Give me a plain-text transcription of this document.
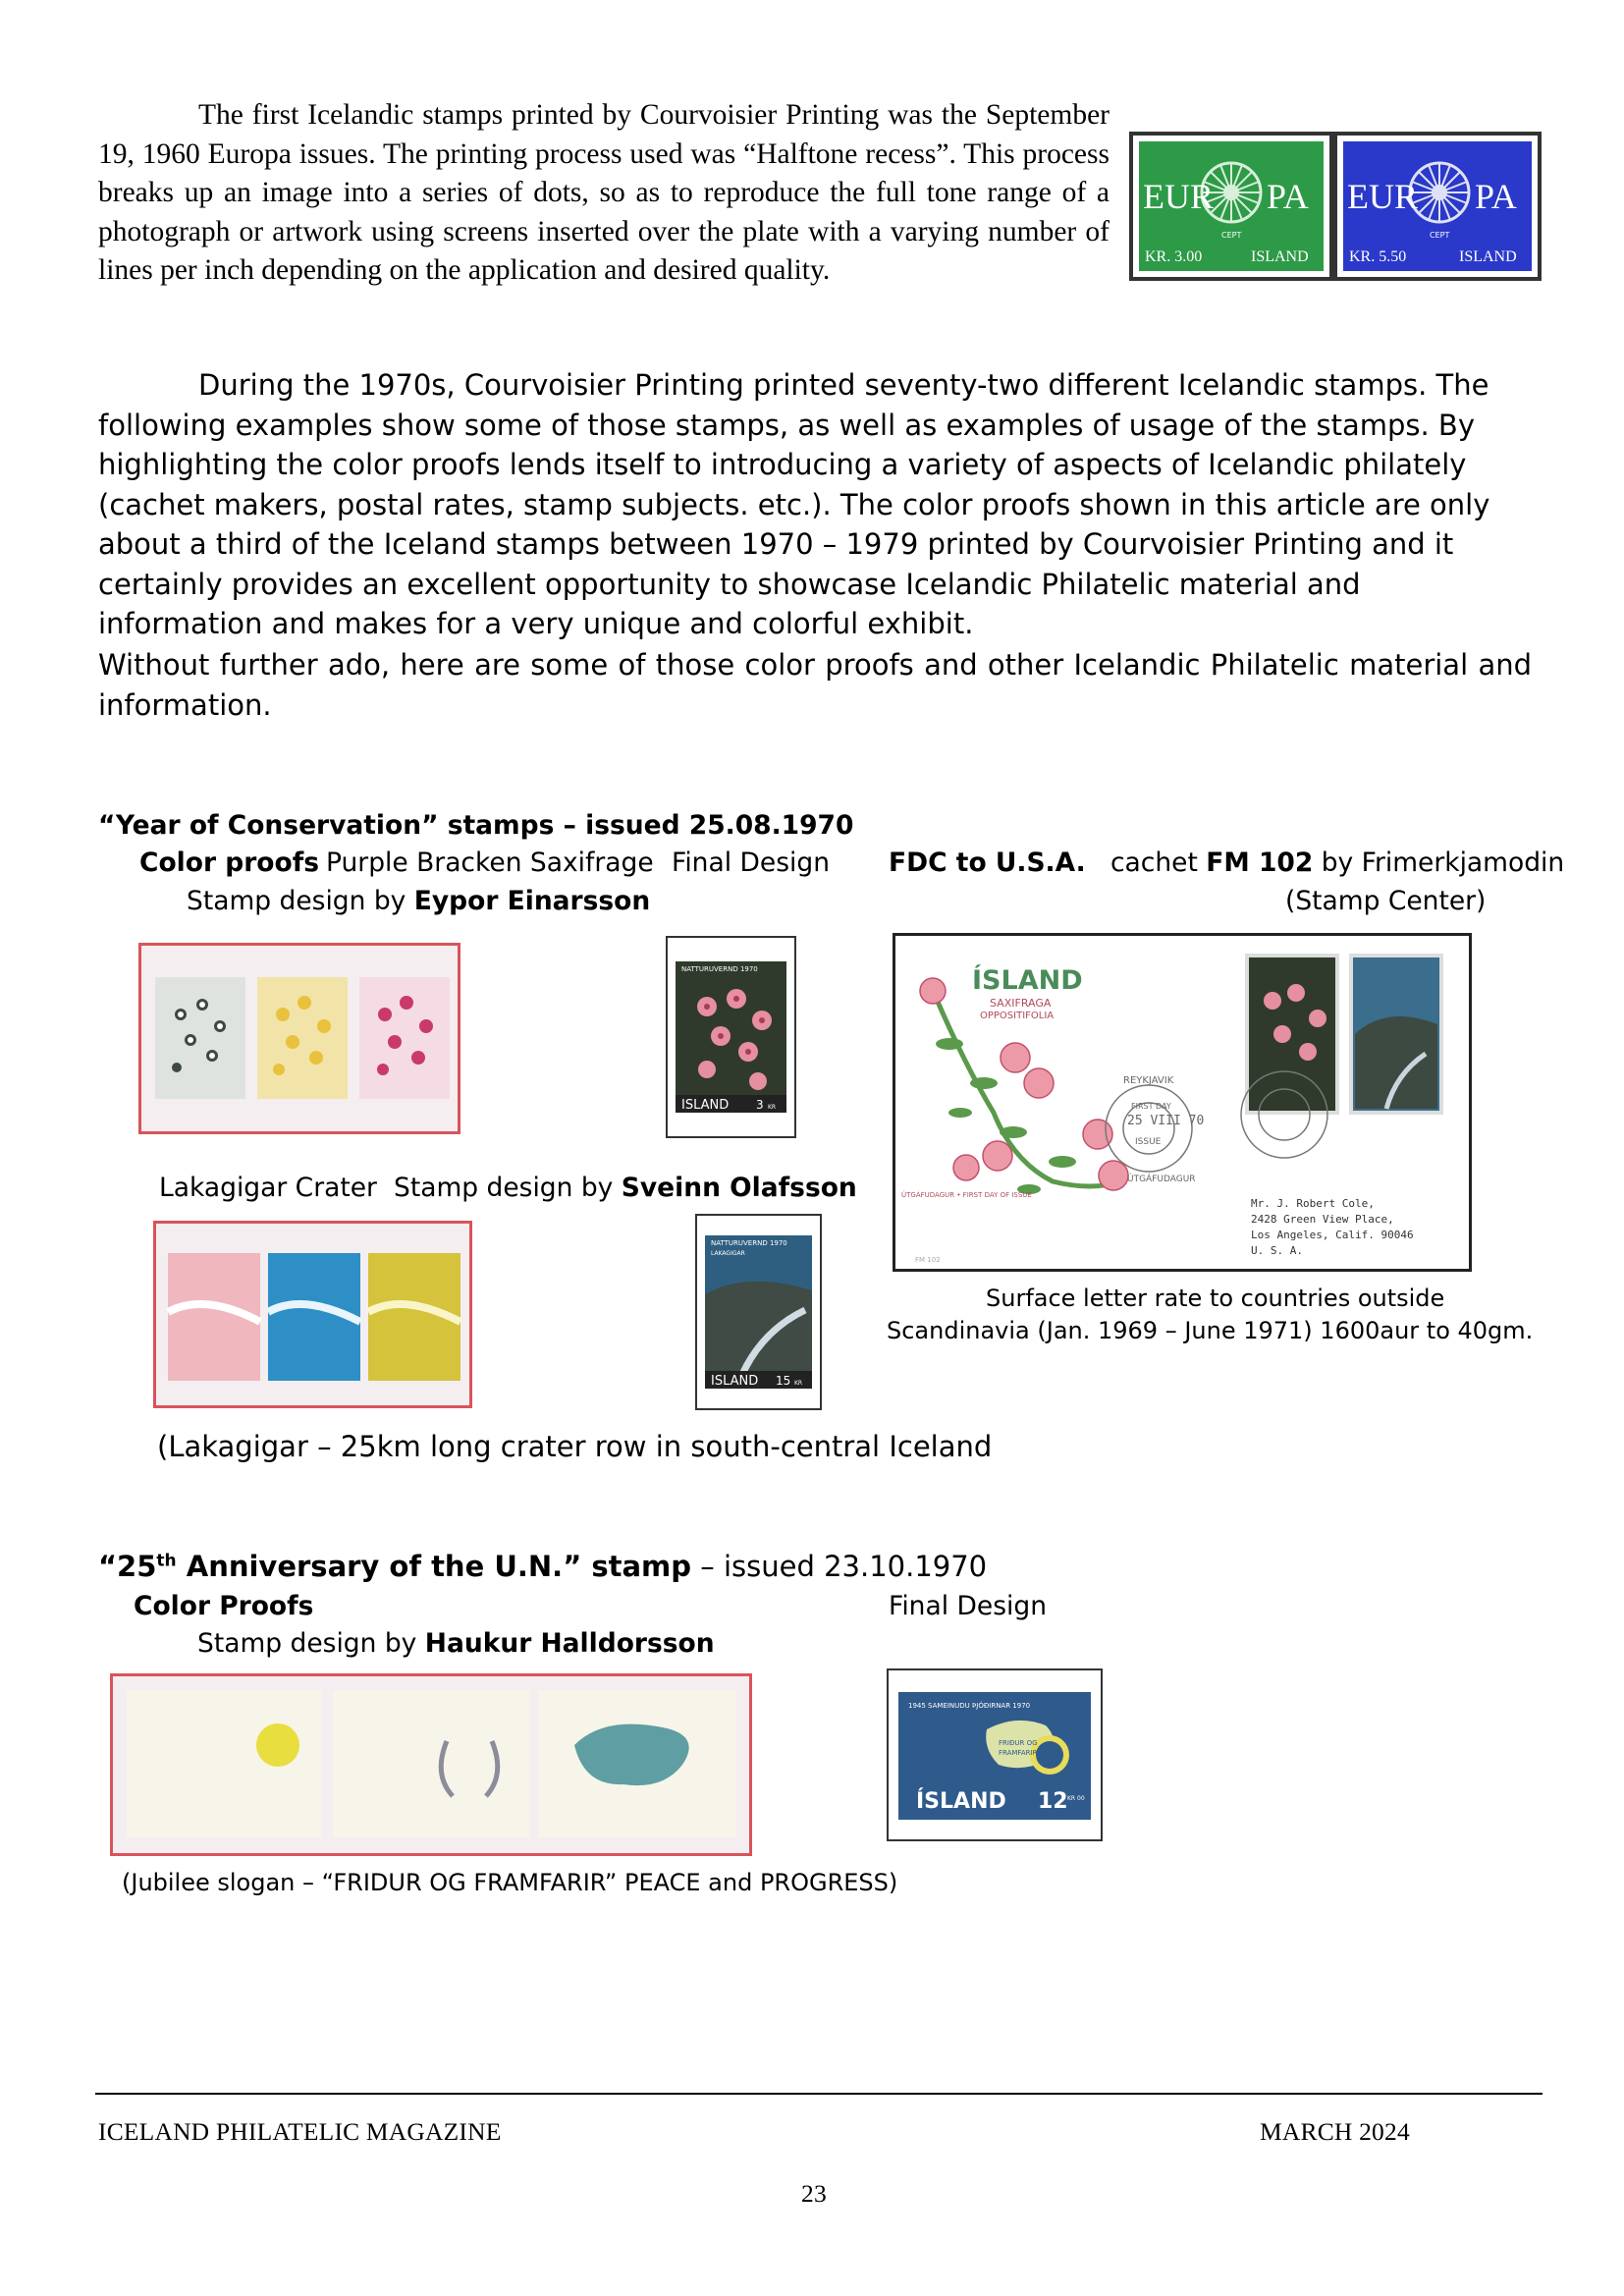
The first Icelandic stamps printed by Courvoisier Printing was the September 19, 1960 Europa issues. The printing process used was “Halftone recess”. This process breaks up an image into a series of dots, so as to reproduce the full tone range of a photograph or artwork using screens inserted over the plate with a varying number of lines per inch depending on the application and desired quality.
EUR PA
CEPT
KR. 3.00	ISLAND
EUR PA
CEPT
KR. 5.50	ISLAND
During the 1970s, Courvoisier Printing printed seventy-two different Icelandic stamps. The following examples show some of those stamps, as well as examples of usage of the stamps. By highlighting the color proofs lends itself to introducing a variety of aspects of Icelandic philately (cachet makers, postal rates, stamp subjects. etc.). The color proofs shown in this article are only about a third of the Iceland stamps between 1970 – 1979 printed by Courvoisier Printing and it certainly provides an excellent opportunity to showcase Icelandic Philatelic material and information and makes for a very unique and colorful exhibit.
Without further ado, here are some of those color proofs and other Icelandic Philatelic material and information.
“Year of Conservation” stamps – issued 25.08.1970
Color proofs Purple Bracken Saxifrage Final Design
Stamp design by Eypor Einarsson
FDC to U.S.A. cachet FM 102 by Frimerkjamodin
(Stamp Center)
NATTURUVERND 1970
ISLAND 3 KR
ÍSLAND
SAXIFRAGA
OPPOSITIFOLIA
ÚTGÁFUDAGUR • FIRST DAY OF ISSUE
25 VIII 70
FIRST DAY
ISSUE
REYKJAVIK
ÚTGÁFUDAGUR
Mr. J. Robert Cole,
2428 Green View Place,
Los Angeles, Calif. 90046
U. S. A.
FM 102
Lakagigar Crater Stamp design by Sveinn Olafsson
Surface letter rate to countries outside
Scandinavia (Jan. 1969 – June 1971) 1600aur to 40gm.
NATTURUVERND 1970
LAKAGIGAR
ISLAND 15 KR
(Lakagigar – 25km long crater row in south-central Iceland
“25th Anniversary of the U.N.” stamp – issued 23.10.1970
Color Proofs	Final Design
Stamp design by Haukur Halldorsson
1945 SAMEINUDU ÞJÓÐIRNAR 1970
FRIÐUR OG
FRAMFARIR
ÍSLAND 12 KR 00
(Jubilee slogan – “FRIDUR OG FRAMFARIR” PEACE and PROGRESS)
ICELAND PHILATELIC MAGAZINE	MARCH 2024
23
